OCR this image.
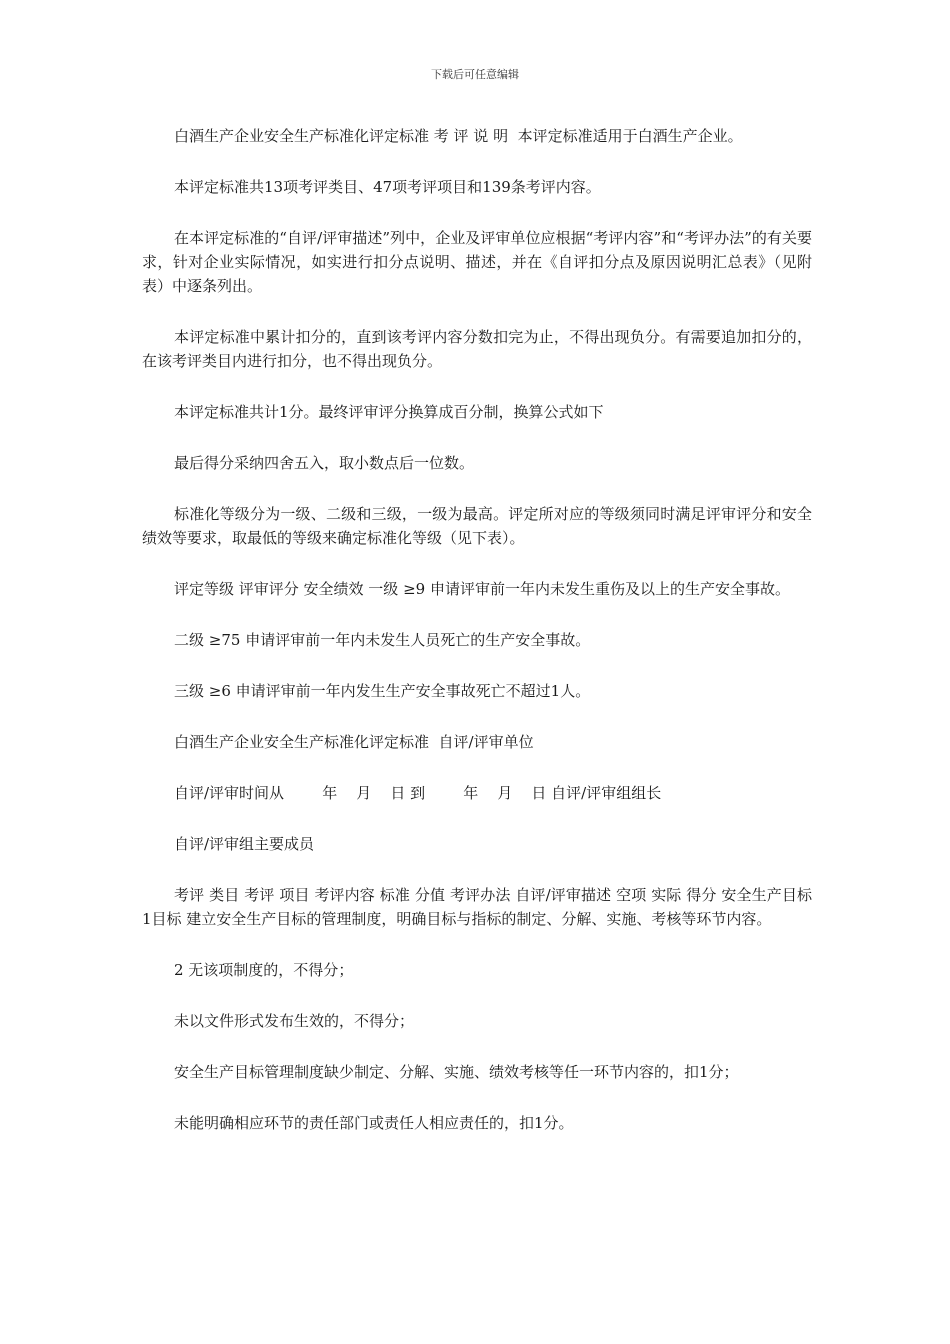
下载后可任意编辑

白酒生产企业安全生产标准化评定标准 考 评 说 明  本评定标准适用于白酒生产企业。

本评定标准共13项考评类目、47项考评项目和139条考评内容。

在本评定标准的“自评/评审描述”列中，企业及评审单位应根据“考评内容”和“考评办法”的有关要求，针对企业实际情况，如实进行扣分点说明、描述，并在《自评扣分点及原因说明汇总表》（见附表）中逐条列出。

本评定标准中累计扣分的，直到该考评内容分数扣完为止，不得出现负分。有需要追加扣分的，在该考评类目内进行扣分，也不得出现负分。

本评定标准共计1分。最终评审评分换算成百分制，换算公式如下

最后得分采纳四舍五入，取小数点后一位数。

标准化等级分为一级、二级和三级，一级为最高。评定所对应的等级须同时满足评审评分和安全绩效等要求，取最低的等级来确定标准化等级（见下表）。

评定等级 评审评分 安全绩效 一级 ≥9 申请评审前一年内未发生重伤及以上的生产安全事故。

二级 ≥75 申请评审前一年内未发生人员死亡的生产安全事故。

三级 ≥6 申请评审前一年内发生生产安全事故死亡不超过1人。

白酒生产企业安全生产标准化评定标准  自评/评审单位

自评/评审时间从        年    月    日 到        年    月    日 自评/评审组组长

自评/评审组主要成员

考评 类目 考评 项目 考评内容 标准 分值 考评办法 自评/评审描述 空项 实际 得分 安全生产目标  1目标 建立安全生产目标的管理制度，明确目标与指标的制定、分解、实施、考核等环节内容。

2 无该项制度的，不得分；

未以文件形式发布生效的，不得分；

安全生产目标管理制度缺少制定、分解、实施、绩效考核等任一环节内容的，扣1分；

未能明确相应环节的责任部门或责任人相应责任的，扣1分。
